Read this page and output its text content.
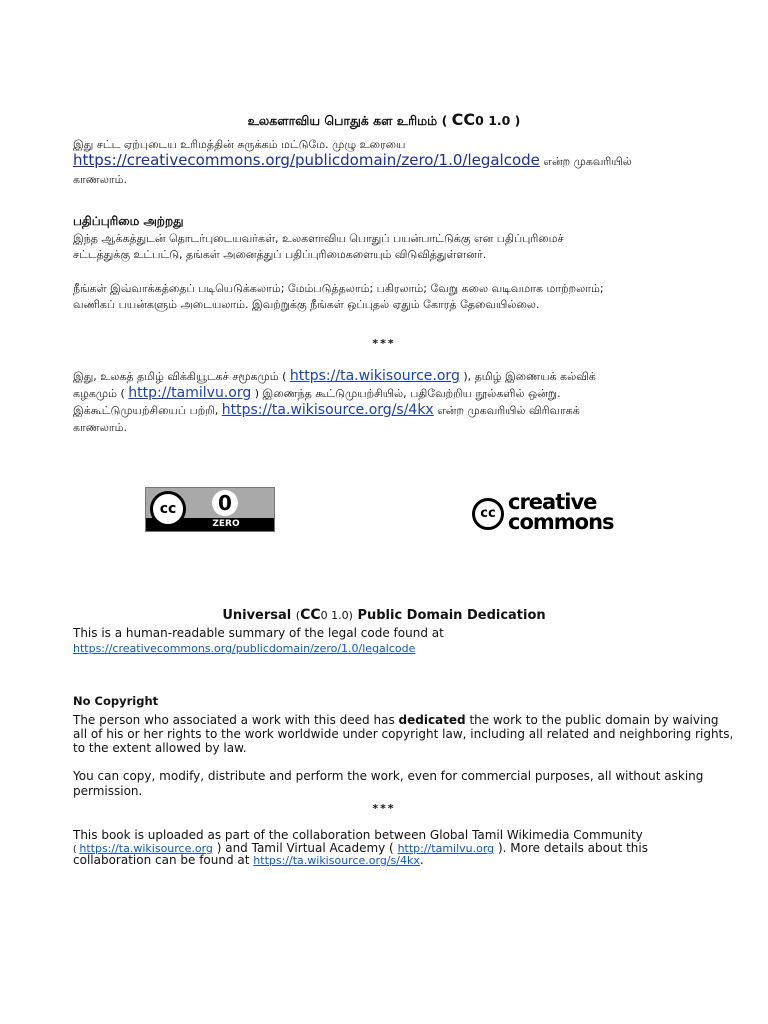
உலகளாவிய பொதுக் கள உரிமம் ( CC0 1.0 )
இது சட்ட ஏற்புடைய உரிமத்தின் சுருக்கம் மட்டுமே. முழு உரையை
https://creativecommons.org/publicdomain/zero/1.0/legalcode என்ற முகவரியில்
காணலாம்.
பதிப்புரிமை அற்றது
இந்த ஆக்கத்துடன் தொடர்புடையவர்கள், உலகளாவிய பொதுப் பயன்பாட்டுக்கு என பதிப்புரிமைச்
சட்டத்துக்கு உட்பட்டு, தங்கள் அனைத்துப் பதிப்புரிமைகளையும் விடுவித்துள்ளனர்.
நீங்கள் இவ்வாக்கத்தைப் படியெடுக்கலாம்; மேம்படுத்தலாம்; பகிரலாம்; வேறு கலை வடிவமாக மாற்றலாம்;
வணிகப் பயன்களும் அடையலாம். இவற்றுக்கு நீங்கள் ஒப்புதல் ஏதும் கோரத் தேவையில்லை.
***
இது, உலகத் தமிழ் விக்கியூடகச் சமூகமும் ( https://ta.wikisource.org ), தமிழ் இணையக் கல்விக்
கழகமும் ( http://tamilvu.org ) இணைந்த கூட்டுமுயற்சியில், பதிவேற்றிய நூல்களில் ஒன்று.
இக்கூட்டுமுயற்சியைப் பற்றி, https://ta.wikisource.org/s/4kx என்ற முகவரியில் விரிவாகக்
காணலாம்.
cc	0
ZERO
cc creative
commons
Universal (CC0 1.0) Public Domain Dedication
This is a human-readable summary of the legal code found at
https://creativecommons.org/publicdomain/zero/1.0/legalcode
No Copyright
The person who associated a work with this deed has dedicated the work to the public domain by waiving
all of his or her rights to the work worldwide under copyright law, including all related and neighboring rights,
to the extent allowed by law.
You can copy, modify, distribute and perform the work, even for commercial purposes, all without asking
permission.
***
This book is uploaded as part of the collaboration between Global Tamil Wikimedia Community
( https://ta.wikisource.org ) and Tamil Virtual Academy ( http://tamilvu.org ). More details about this
collaboration can be found at https://ta.wikisource.org/s/4kx.
